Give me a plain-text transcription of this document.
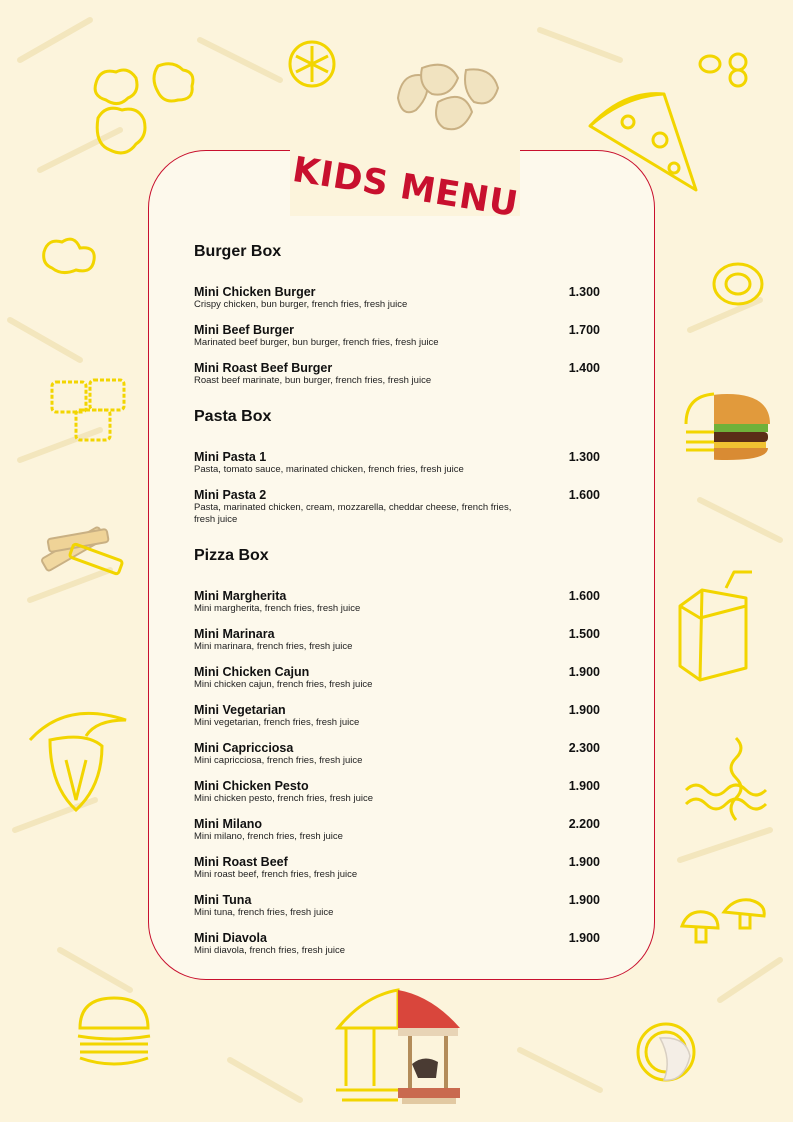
KIDS MENU
Burger Box
Mini Chicken Burger
Crispy chicken, bun burger, french fries, fresh juice
1.300
Mini Beef Burger
Marinated beef burger, bun burger, french fries, fresh juice
1.700
Mini Roast Beef Burger
Roast beef marinate, bun burger, french fries, fresh juice
1.400
Pasta Box
Mini Pasta 1
Pasta, tomato sauce, marinated chicken, french fries, fresh juice
1.300
Mini Pasta 2
Pasta, marinated chicken, cream, mozzarella, cheddar cheese, french fries, fresh juice
1.600
Pizza Box
Mini Margherita
Mini margherita, french fries, fresh juice
1.600
Mini Marinara
Mini marinara, french fries, fresh juice
1.500
Mini Chicken Cajun
Mini chicken cajun, french fries, fresh juice
1.900
Mini Vegetarian
Mini vegetarian, french fries, fresh juice
1.900
Mini Capricciosa
Mini capricciosa, french fries, fresh juice
2.300
Mini Chicken Pesto
Mini chicken pesto, french fries, fresh juice
1.900
Mini Milano
Mini milano, french fries, fresh juice
2.200
Mini Roast Beef
Mini roast beef, french fries, fresh juice
1.900
Mini Tuna
Mini tuna, french fries, fresh juice
1.900
Mini Diavola
Mini diavola, french fries, fresh juice
1.900
